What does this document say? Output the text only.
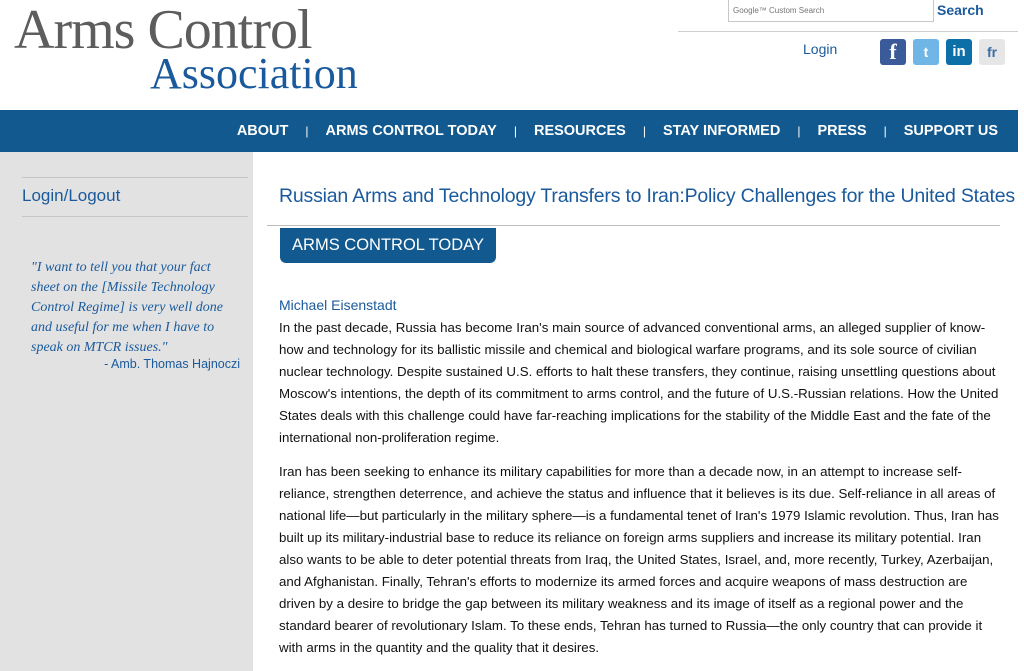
Arms Control
Association
Google™ Custom Search
Search
Login	f	t	in	fr
ABOUT | ARMS CONTROL TODAY | RESOURCES | STAY INFORMED | PRESS | SUPPORT US
Login/Logout
"I want to tell you that your fact sheet on the [Missile Technology Control Regime] is very well done and useful for me when I have to speak on MTCR issues."
- Amb. Thomas Hajnoczi
Russian Arms and Technology Transfers to Iran:Policy Challenges for the United States
ARMS CONTROL TODAY
Michael Eisenstadt

In the past decade, Russia has become Iran's main source of advanced conventional arms, an alleged supplier of know-how and technology for its ballistic missile and chemical and biological warfare programs, and its sole source of civilian nuclear technology. Despite sustained U.S. efforts to halt these transfers, they continue, raising unsettling questions about Moscow's intentions, the depth of its commitment to arms control, and the future of U.S.-Russian relations. How the United States deals with this challenge could have far-reaching implications for the stability of the Middle East and the fate of the international non-proliferation regime.

Iran has been seeking to enhance its military capabilities for more than a decade now, in an attempt to increase self-reliance, strengthen deterrence, and achieve the status and influence that it believes is its due. Self-reliance in all areas of national life—but particularly in the military sphere—is a fundamental tenet of Iran's 1979 Islamic revolution. Thus, Iran has built up its military-industrial base to reduce its reliance on foreign arms suppliers and increase its military potential. Iran also wants to be able to deter potential threats from Iraq, the United States, Israel, and, more recently, Turkey, Azerbaijan, and Afghanistan. Finally, Tehran's efforts to modernize its armed forces and acquire weapons of mass destruction are driven by a desire to bridge the gap between its military weakness and its image of itself as a regional power and the standard bearer of revolutionary Islam. To these ends, Tehran has turned to Russia—the only country that can provide it with arms in the quantity and the quality that it desires.
